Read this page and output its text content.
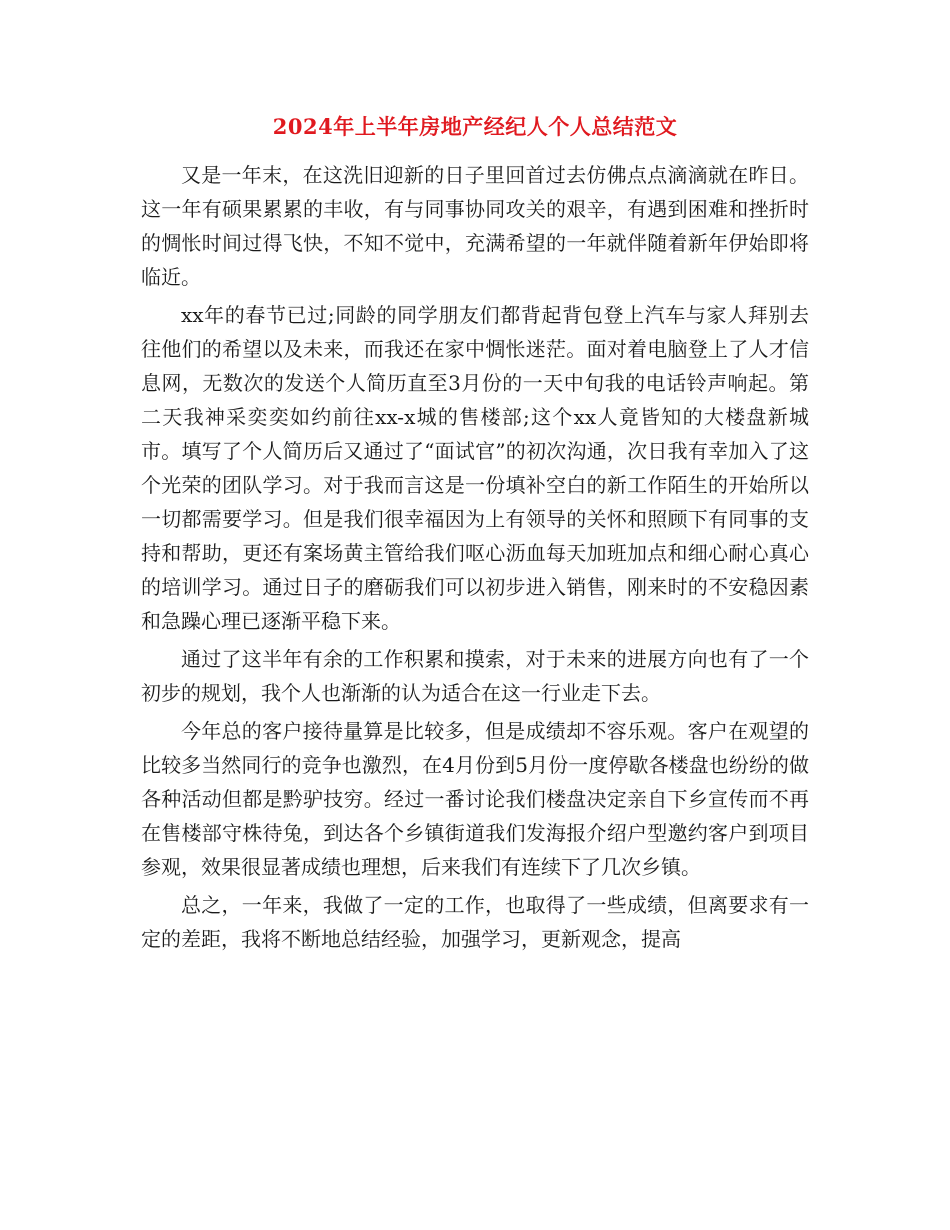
2024年上半年房地产经纪人个人总结范文

又是一年末，在这洗旧迎新的日子里回首过去仿佛点点滴滴就在昨日。这一年有硕果累累的丰收，有与同事协同攻关的艰辛，有遇到困难和挫折时的惆怅时间过得飞快，不知不觉中，充满希望的一年就伴随着新年伊始即将临近。

xx年的春节已过;同龄的同学朋友们都背起背包登上汽车与家人拜别去往他们的希望以及未来，而我还在家中惆怅迷茫。面对着电脑登上了人才信息网，无数次的发送个人简历直至3月份的一天中旬我的电话铃声响起。第二天我神采奕奕如约前往xx-x城的售楼部;这个xx人竟皆知的大楼盘新城市。填写了个人简历后又通过了“面试官”的初次沟通，次日我有幸加入了这个光荣的团队学习。对于我而言这是一份填补空白的新工作陌生的开始所以一切都需要学习。但是我们很幸福因为上有领导的关怀和照顾下有同事的支持和帮助，更还有案场黄主管给我们呕心沥血每天加班加点和细心耐心真心的培训学习。通过日子的磨砺我们可以初步进入销售，刚来时的不安稳因素和急躁心理已逐渐平稳下来。

通过了这半年有余的工作积累和摸索，对于未来的进展方向也有了一个初步的规划，我个人也渐渐的认为适合在这一行业走下去。

今年总的客户接待量算是比较多，但是成绩却不容乐观。客户在观望的比较多当然同行的竞争也激烈，在4月份到5月份一度停歇各楼盘也纷纷的做各种活动但都是黔驴技穷。经过一番讨论我们楼盘决定亲自下乡宣传而不再在售楼部守株待兔，到达各个乡镇街道我们发海报介绍户型邀约客户到项目参观，效果很显著成绩也理想，后来我们有连续下了几次乡镇。

总之，一年来，我做了一定的工作，也取得了一些成绩，但离要求有一定的差距，我将不断地总结经验，加强学习，更新观念，提高
